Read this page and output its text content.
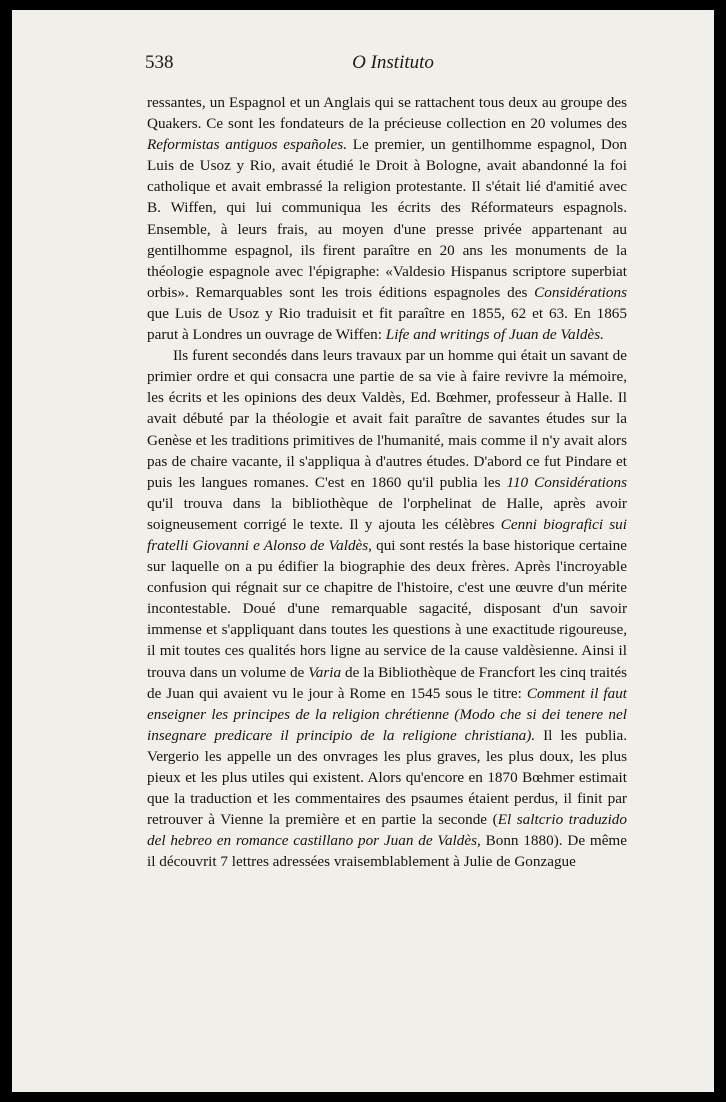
538	O Instituto

ressantes, un Espagnol et un Anglais qui se rattachent tous deux au groupe des Quakers. Ce sont les fondateurs de la précieuse collection en 20 volumes des Reformistas antiguos españoles. Le premier, un gentilhomme espagnol, Don Luis de Usoz y Rio, avait étudié le Droit à Bologne, avait abandonné la foi catholique et avait embrassé la religion protestante. Il s'était lié d'amitié avec B. Wiffen, qui lui communiqua les écrits des Réformateurs espagnols. Ensemble, à leurs frais, au moyen d'une presse privée appartenant au gentilhomme espagnol, ils firent paraître en 20 ans les monuments de la théologie espagnole avec l'épigraphe: «Valdesio Hispanus scriptore superbiat orbis». Remarquables sont les trois éditions espagnoles des Considérations que Luis de Usoz y Rio traduisit et fit paraître en 1855, 62 et 63. En 1865 parut à Londres un ouvrage de Wiffen: Life and writings of Juan de Valdès.

Ils furent secondés dans leurs travaux par un homme qui était un savant de primier ordre et qui consacra une partie de sa vie à faire revivre la mémoire, les écrits et les opinions des deux Valdès, Ed. Bœhmer, professeur à Halle. Il avait débuté par la théologie et avait fait paraître de savantes études sur la Genèse et les traditions primitives de l'humanité, mais comme il n'y avait alors pas de chaire vacante, il s'appliqua à d'autres études. D'abord ce fut Pindare et puis les langues romanes. C'est en 1860 qu'il publia les 110 Considérations qu'il trouva dans la bibliothèque de l'orphelinat de Halle, après avoir soigneusement corrigé le texte. Il y ajouta les célèbres Cenni biografici sui fratelli Giovanni e Alonso de Valdès, qui sont restés la base historique certaine sur laquelle on a pu édifier la biographie des deux frères. Après l'incroyable confusion qui régnait sur ce chapitre de l'histoire, c'est une œuvre d'un mérite incontestable. Doué d'une remarquable sagacité, disposant d'un savoir immense et s'appliquant dans toutes les questions à une exactitude rigoureuse, il mit toutes ces qualités hors ligne au service de la cause valdèsienne. Ainsi il trouva dans un volume de Varia de la Bibliothèque de Francfort les cinq traités de Juan qui avaient vu le jour à Rome en 1545 sous le titre: Comment il faut enseigner les principes de la religion chrétienne (Modo che si dei tenere nel insegnare predicare il principio de la religione christiana). Il les publia. Vergerio les appelle un des onvrages les plus graves, les plus doux, les plus pieux et les plus utiles qui existent. Alors qu'encore en 1870 Bœhmer estimait que la traduction et les commentaires des psaumes étaient perdus, il finit par retrouver à Vienne la première et en partie la seconde (El saltcrio traduzido del hebreo en romance castillano por Juan de Valdès, Bonn 1880). De même il découvrit 7 lettres adressées vraisemblablement à Julie de Gonzague
